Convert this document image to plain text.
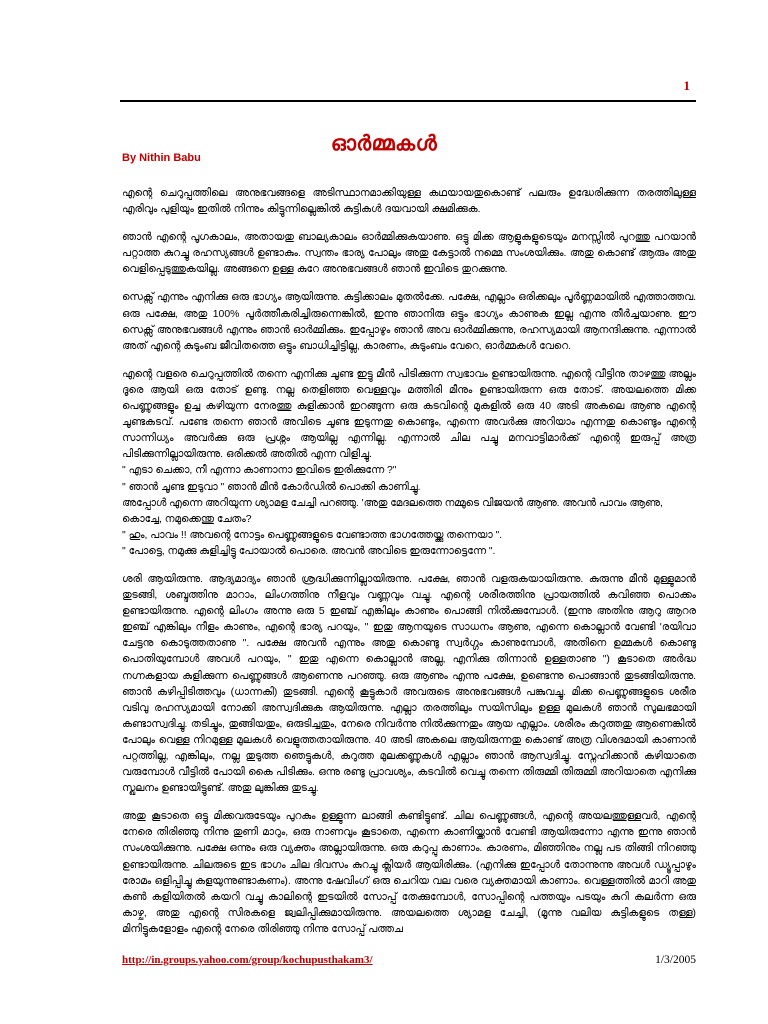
1
ഓർമ്മകൾ
By Nithin Babu

എന്റെ ചെറുപ്പത്തിലെ അനുഭവങ്ങളെ അടിസ്ഥാനമാക്കിയുള്ള കഥയായതുകൊണ്ട് പലരും ഉദ്ധേരിക്കുന്ന തരത്തിലുള്ള എരിവും പുളിയും ഇതിൽ നിന്നും കിട്ടുന്നില്ലെങ്കിൽ കുട്ടികൾ ദയവായി ക്ഷമിക്കുക.

ഞാൻ എന്റെ പൂഗകാലം, അതായതു ബാല്യകാലം ഓർമ്മിക്കുകയാണു. ഒട്ടു മിക്ക ആളുകളുടെയും മനസ്സിൽ പുറത്തു പറയാൻ പറ്റാത്ത കുറച്ചു രഹസ്യങ്ങൾ ഉണ്ടാകും. സ്വന്തം ഭാര്യ പോലും അതു കേട്ടാൽ നമ്മെ സംശയിക്കും. അതു കൊണ്ട് ആരും അതു വെളിപ്പെടുത്തുകയില്ല. അങ്ങനെ ഉള്ള കുറേ അനുഭവങ്ങൾ ഞാൻ ഇവിടെ തുറക്കുന്നു.

സെക്സ് എന്നും എനിക്കു ഒരു ഭാഗ്യം ആയിരുന്നു. കുട്ടിക്കാലം മുതൽക്കേ. പക്ഷേ, എല്ലാം ഒരിക്കലും പൂർണ്ണമായിൽ എത്താത്തവ. ഒരു പക്ഷേ, അതു 100% പൂർത്തീകരിച്ചിരുന്നെങ്കിൽ, ഇന്നു ഞാനിരു ഒട്ടും ഭാഗ്യം കാണുക ഇല്ല എന്നു തീർച്ചയാണു. ഈ സെക്സ് അനുഭവങ്ങൾ എന്നും ഞാൻ ഓർമ്മിക്കും. ഇപ്പോഴും ഞാൻ അവ ഓർമ്മിക്കുന്നു, രഹസ്യമായി ആനന്ദിക്കുന്നു. എന്നാൽ അത് എന്റെ കുടുംബ ജീവിതത്തെ ഒട്ടും ബാധിച്ചിട്ടില്ല, കാരണം, കുടുംബം വേറെ, ഓർമ്മകൾ വേറെ.

എന്റെ വളരെ ചെറുപ്പത്തിൽ തന്നെ എനിക്കു ചൂണ്ട ഇട്ടു മീൻ പിടിക്കുന്ന സ്വഭാവം ഉണ്ടായിരുന്നു. എന്റെ വീട്ടിനു താഴത്തു അല്ലം ദൂരെ ആയി ഒരു തോട് ഉണ്ടു. നല്ല തെളിഞ്ഞ വെള്ളവും മത്തിരി മീനും ഉണ്ടായിരുന്ന ഒരു തോട്. അയലത്തെ മിക്ക പെണ്ണുങ്ങളും ഉച്ച കഴിയുന്ന നേരത്തു കുളിക്കാൻ ഇറങ്ങുന്ന ഒരു കടവിന്റെ മുകളിൽ ഒരു 40 അടി അകലെ ആണു എന്റെ ചൂണ്ടകടവ്. പണ്ടേ തന്നെ ഞാൻ അവിടെ ചൂണ്ട ഇടുന്നതു കൊണ്ടും, എന്നെ അവർക്കു അറിയാം എന്നതു കൊണ്ടും എന്റെ സാന്നിധ്യം അവർക്കു ഒരു പ്രശ്നം ആയില്ല എന്നില്ല. എന്നാൽ ചില പച്ചു മനവാട്ടിമാർക്ക് എന്റെ ഇരുപ്പ് അത്ര പിടിക്കുന്നില്ലായിരുന്നു. ഒരിക്കൽ അതിൽ എന്ന വിളിച്ചു.

" എടാ ചെക്കാ, നീ എന്നാ കാണാനാ ഇവിടെ ഇരിക്കുന്നേ ?"

" ഞാൻ ചൂണ്ട ഇടുവാ " ഞാൻ മീൻ കോർഡിൽ പൊക്കി കാണിച്ചു.

അപ്പോൾ എന്നെ അറിയുന്ന ശ്യാമള ചേച്ചി പറഞ്ഞു. 'അതു മേദലത്തെ നമ്മുടെ വിജയൻ ആണു. അവൻ പാവം ആണു, കൊച്ചേ, നമുക്കെന്തു ചേതം?

" ഹും, പാവം !! അവന്റെ നോട്ടം പെണ്ണുങ്ങളുടെ വേണ്ടാത്ത ഭാഗത്തേയ്ക്കു തന്നെയാ ".

" പോട്ടെ, നമുക്കു കുളിച്ചിട്ടു പോയാൽ പൊരെ. അവൻ അവിടെ ഇരുന്നോട്ടെന്നേ ".

ശരി ആയിരുന്നു. ആദ്യമാദ്യം ഞാൻ ശ്രദ്ധിക്കുന്നില്ലായിരുന്നു. പക്ഷേ, ഞാൻ വളരുകയായിരുന്നു. കുരുന്നു മീൻ മുള്ളുമാൻ തുടങ്ങി, ശബ്ദത്തിനു മാറാം, ലിംഗത്തിനു നീളവും വണ്ണവും വച്ചു. എന്റെ ശരീരത്തിനു പ്രായത്തിൽ കവിഞ്ഞ പൊക്കം ഉണ്ടായിരുന്നു. എന്റെ ലിംഗം അന്നു ഒരു 5 ഇഞ്ച് എങ്കിലും കാണും പൊങ്ങി നിൽക്കുമ്പോൾ. (ഇന്നു അതിനു ആറു ആറര ഇഞ്ച് എങ്കിലും നീളം കാണും, എന്റെ ഭാര്യ പറയും, " ഇതു ആനയുടെ സാധനം ആണു, എന്നെ കൊല്ലാൻ വേണ്ടി 'രയിവാ ചേട്ടനു കൊടുത്തതാണു ". പക്ഷേ അവൻ എന്നും അതു കൊണ്ടു സ്വർഗ്ഗം കാണുമ്പോൾ, അതിനെ ഉമ്മകൾ കൊണ്ടു പൊതിയുമ്പോൾ അവൾ പറയും, " ഇതു എന്നെ കൊല്ലാൻ അല്ല, എനിക്കു തിന്നാൻ ഉള്ളതാണു ") കൂടാതെ അർദ്ധ നഗ്നകളായ കുളിക്കുന്ന പെണ്ണുങ്ങൾ ആണെന്നു പറഞ്ഞു. ഒരു ആണും എന്നു പക്ഷേ, ഉണ്ടെന്നു പൊങ്ങാൻ തുടങ്ങിയിരുന്നു. ഞാൻ കഴിപ്പിടിത്തവും (ധാന്നകി) തുടങ്ങി. എന്റെ കൂട്ടുകാർ അവരുടെ അനുഭവങ്ങൾ പങ്കുവച്ചു. മിക്ക പെണ്ണുങ്ങളുടെ ശരീര വടിവു രഹസ്യമായി നോക്കി അസ്വദിക്കുക ആയിരുന്നു. എല്ലാ തരത്തിലും സയിസിലും ഉള്ള മുലകൾ ഞാൻ സുലഭമായി കണ്ടാസ്വദിച്ചു. തടിച്ചും, തുങ്ങിയതും, ഒരുടിച്ചതും, നേരെ നിവർന്നു നിൽക്കുന്നതും ആയ എല്ലാം. ശരീരം കറുത്തതു ആണെങ്കിൽ പോലും വെള്ള നിറമുള്ള മുലകൾ വെളുത്തതായിരുന്നു. 40 അടി അകലെ ആയിരുന്നതു കൊണ്ട് അത്ര വിശദമായി കാണാൻ പറ്റത്തില്ല, എങ്കിലും, നല്ല തുടുത്ത ഞെട്ടുകൾ, കറുത്ത മുലക്കണ്ണുകൾ എല്ലാം ഞാൻ ആസ്വദിച്ചു. സ്നേഹിക്കാൻ കഴിയാതെ വരുമ്പോൾ വീട്ടിൽ പോയി കൈ പിടിക്കും. ഒന്നു രണ്ടു പ്രാവശ്യം, കടവിൽ വെച്ചു തന്നെ തിരുമ്മി തിരുമ്മി അറിയാതെ എനിക്കു സ്ഖലനം ഉണ്ടായിട്ടുണ്ട്. അതു ലുങ്കിക്കു തുടച്ചു.

അതു കൂടാതെ ഒട്ടു മിക്കവരുടേയും പുറകും ഉള്ളുന്ന ലാങ്ങി കണ്ടിട്ടുണ്ട്. ചില പെണ്ണുങ്ങൾ, എന്റെ അയലത്തുള്ളവർ, എന്റെ നേരെ തിരിഞ്ഞു നിന്നു തുണി മാറും, ഒരു നാണവും കൂടാതെ, എന്നെ കാണിയ്ക്കാൻ വേണ്ടി ആയിരുന്നോ എന്നു ഇന്നു ഞാൻ സംശയിക്കുന്നു. പക്ഷേ ഒന്നും ഒരു വ്യക്തം അല്ലായിരുന്നു. ഒരു കറുപ്പു കാണാം. കാരണം, മിഞ്ഞിനും നല്ല പട തിങ്ങി നിറഞ്ഞു ഉണ്ടായിരുന്നു. ചിലരുടെ ഇട ഭാഗം ചില ദിവസം കുറച്ചു ക്ലിയർ ആയിരിക്കും. (എനിക്കു ഇപ്പോൾ തോന്നുന്നു അവൾ ഡ്യൂപ്പാഴും രോമം ഒളിപ്പിച്ചു കളയുന്നുണ്ടാകണം). അന്നു ഷേവിംഗ് ഒരു ചെറിയ വല വരെ വ്യക്തമായി കാണാം. വെള്ളത്തിൽ മാറി അതു കൺ കളിയിതൽ കയറി വച്ചു കാലിന്റെ ഇടയിൽ സോപ്പ് തേക്കുമ്പോൾ, സോപ്പിന്റെ പത്തയും പടയും കുറി കലർന്ന ഒരു കാഴ്ച, അതു എന്റെ സിരകളെ ജ്വലിപ്പിക്കുമായിരുന്നു. അയലത്തെ ശ്യാമള ചേച്ചി, (മൂന്നു വലിയ കുട്ടികളുടെ തള്ള) മിനിട്ടുകളോളം എന്റെ നേരെ തിരിഞ്ഞു നിന്നു സോപ്പ് പത്തച

http://in.groups.yahoo.com/group/kochupusthakam3/	1/3/2005
